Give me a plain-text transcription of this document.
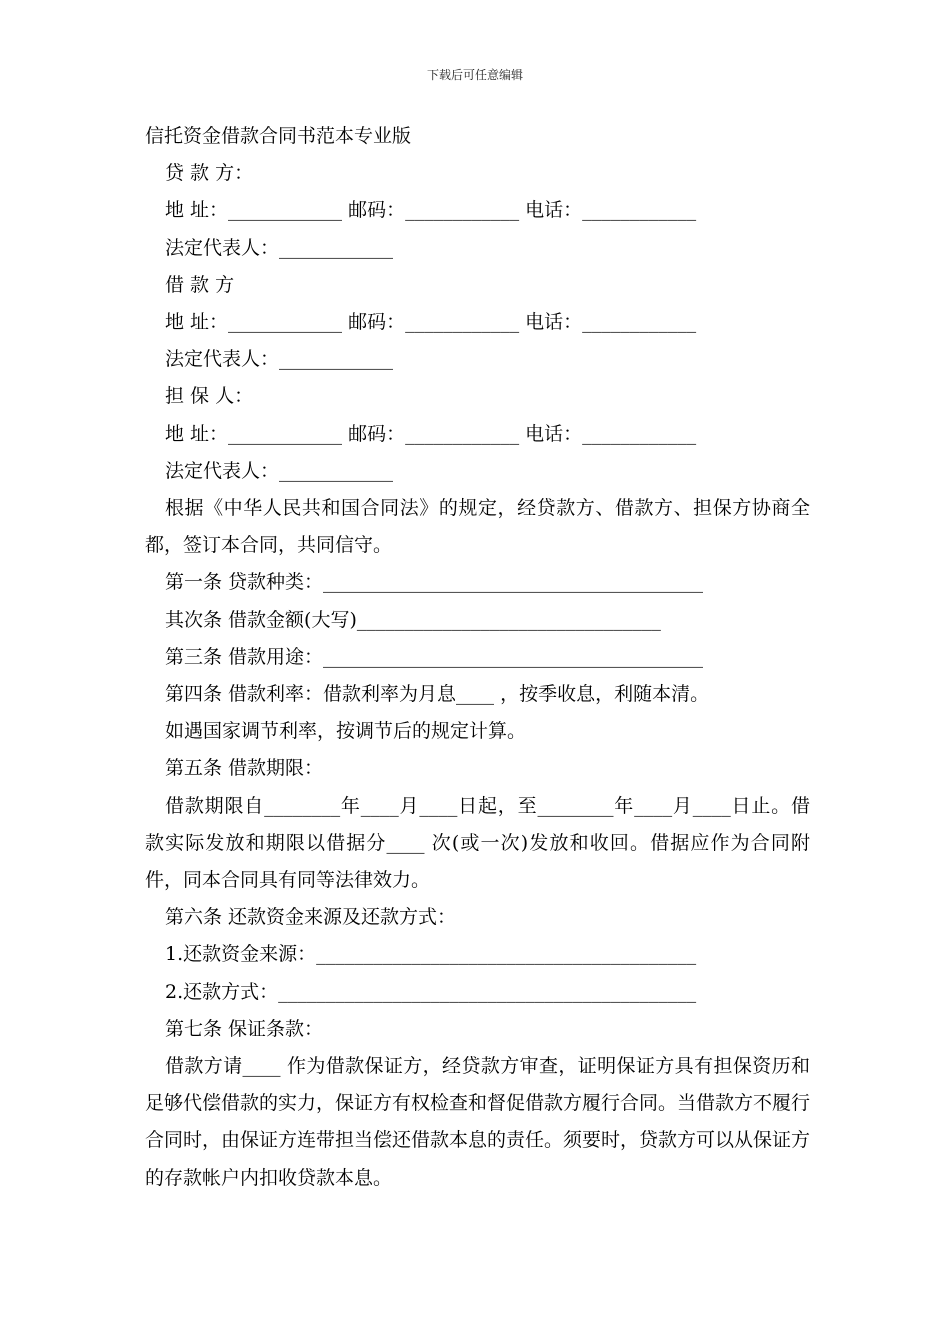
下载后可任意编辑
信托资金借款合同书范本专业版
贷 款 方：
地 址：____________ 邮码：____________ 电话：____________
法定代表人：____________
借 款 方
地 址：____________ 邮码：____________ 电话：____________
法定代表人：____________
担 保 人：
地 址：____________ 邮码：____________ 电话：____________
法定代表人：____________
根据《中华人民共和国合同法》的规定，经贷款方、借款方、担保方协商全都，签订本合同，共同信守。
第一条 贷款种类：________________________________________
其次条 借款金额(大写)________________________________
第三条 借款用途：________________________________________
第四条 借款利率：借款利率为月息____ ，按季收息，利随本清。
如遇国家调节利率，按调节后的规定计算。
第五条 借款期限：
借款期限自________年____月____日起，至________年____月____日止。借款实际发放和期限以借据分____ 次(或一次)发放和收回。借据应作为合同附件，同本合同具有同等法律效力。
第六条 还款资金来源及还款方式：
1.还款资金来源：________________________________________
2.还款方式：____________________________________________
第七条 保证条款：
借款方请____ 作为借款保证方，经贷款方审查，证明保证方具有担保资历和足够代偿借款的实力，保证方有权检查和督促借款方履行合同。当借款方不履行合同时，由保证方连带担当偿还借款本息的责任。须要时，贷款方可以从保证方的存款帐户内扣收贷款本息。
